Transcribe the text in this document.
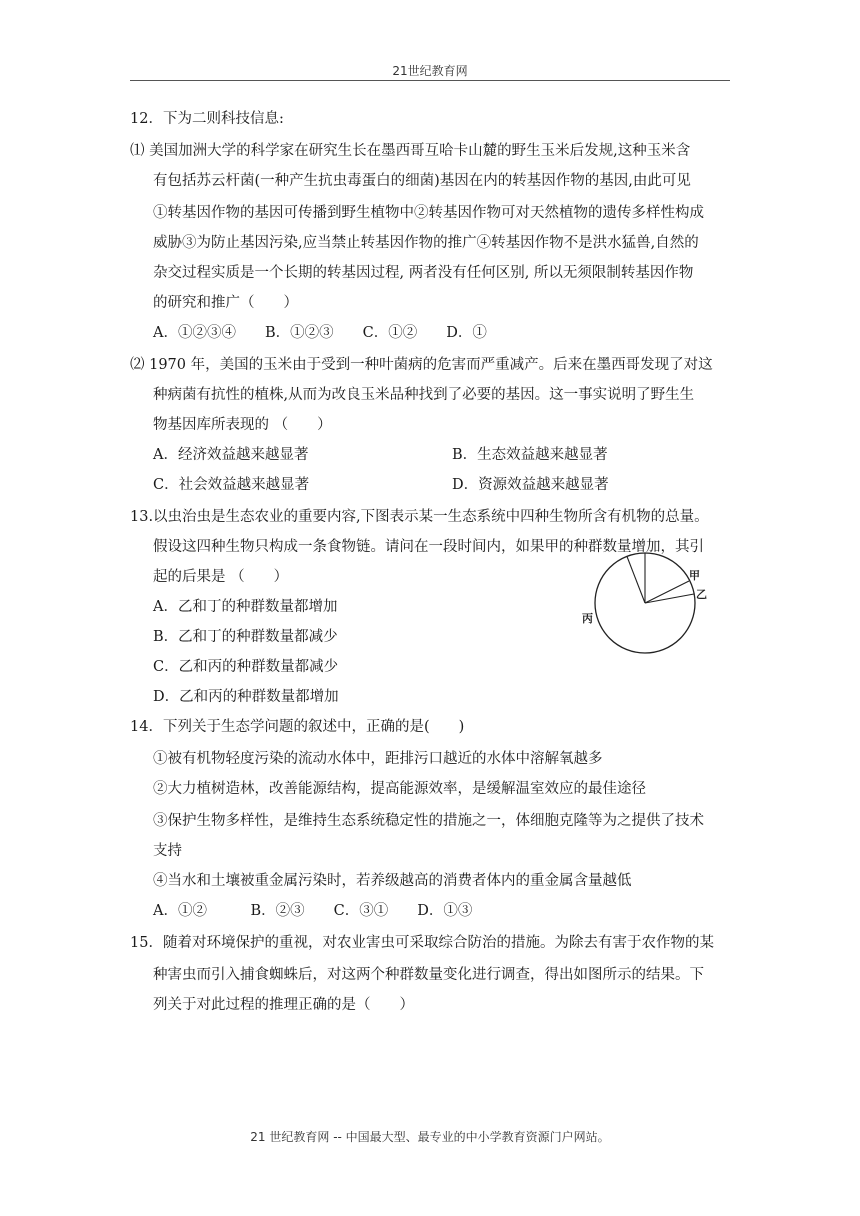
21世纪教育网
12．下为二则科技信息:
⑴ 美国加洲大学的科学家在研究生长在墨西哥互哈卡山麓的野生玉米后发规,这种玉米含
有包括苏云杆菌(一种产生抗虫毒蛋白的细菌)基因在内的转基因作物的基因,由此可见
①转基因作物的基因可传播到野生植物中②转基因作物可对天然植物的遗传多样性构成
威胁③为防止基因污染,应当禁止转基因作物的推广④转基因作物不是洪水猛兽,自然的
杂交过程实质是一个长期的转基因过程, 两者没有任何区别, 所以无须限制转基因作物
的研究和推广（　　）
A．①②③④　　B．①②③　　C．①②　　D．①
⑵ 1970 年，美国的玉米由于受到一种叶菌病的危害而严重减产。后来在墨西哥发现了对这
种病菌有抗性的植株,从而为改良玉米品种找到了必要的基因。这一事实说明了野生生
物基因库所表现的 （　　）
A．经济效益越来越显著	B．生态效益越来越显著
C．社会效益越来越显著	D．资源效益越来越显著
13.以虫治虫是生态农业的重要内容,下图表示某一生态系统中四种生物所含有机物的总量。
假设这四种生物只构成一条食物链。请问在一段时间内，如果甲的种群数量增加，其引
起的后果是 （　　）
A．乙和丁的种群数量都增加
B．乙和丁的种群数量都减少
C．乙和丙的种群数量都减少
D．乙和丙的种群数量都增加
甲
乙
丙
14．下列关于生态学问题的叙述中，正确的是(　　)
①被有机物轻度污染的流动水体中，距排污口越近的水体中溶解氧越多
②大力植树造林，改善能源结构，提高能源效率，是缓解温室效应的最佳途径
③保护生物多样性，是维持生态系统稳定性的措施之一，体细胞克隆等为之提供了技术
支持
④当水和土壤被重金属污染时，若养级越高的消费者体内的重金属含量越低
A．①②　　　B．②③　　C．③①　　D．①③
15．随着对环境保护的重视，对农业害虫可采取综合防治的措施。为除去有害于农作物的某
种害虫而引入捕食蜘蛛后，对这两个种群数量变化进行调查，得出如图所示的结果。下
列关于对此过程的推理正确的是（　　）
21 世纪教育网 -- 中国最大型、最专业的中小学教育资源门户网站。
